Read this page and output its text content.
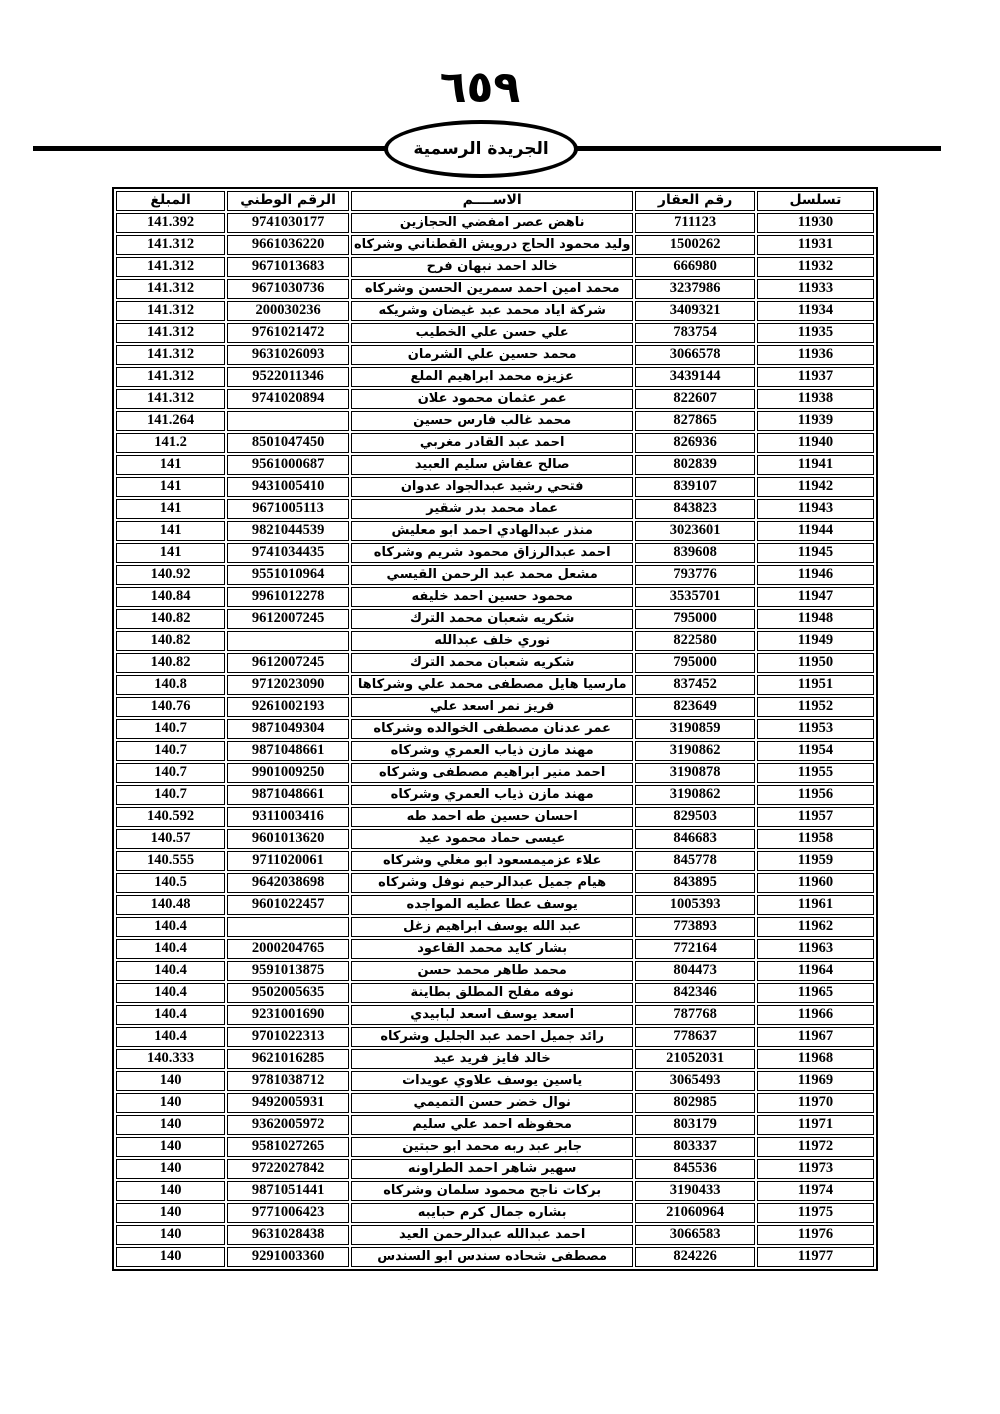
٦٥٩
الجريدة الرسمية
تسلسل	رقم العقار	الاســــم	الرقم الوطني	المبلغ
11930	711123	ناهض عصر امفضي الحجازين	9741030177	141.392
11931	1500262	وليد محمود الحاج درويش القطناني وشركاه	9661036220	141.312
11932	666980	خالد احمد نبهان فرح	9671013683	141.312
11933	3237986	محمد امين احمد سمرين الحسن وشركاه	9671030736	141.312
11934	3409321	شركة اياد محمد عبد غيضان وشريكه	200030236	141.312
11935	783754	علي حسن علي الخطيب	9761021472	141.312
11936	3066578	محمد حسين علي الشرمان	9631026093	141.312
11937	3439144	عزيزه محمد ابراهيم الملع	9522011346	141.312
11938	822607	عمر عثمان محمود علان	9741020894	141.312
11939	827865	محمد غالب فارس حسين		141.264
11940	826936	احمد عبد القادر مغربي	8501047450	141.2
11941	802839	صالح عفاش سليم العبيد	9561000687	141
11942	839107	فتحي رشيد عبدالجواد عدوان	9431005410	141
11943	843823	عماد محمد بدر شقير	9671005113	141
11944	3023601	منذر عبدالهادي احمد ابو معليش	9821044539	141
11945	839608	احمد عبدالرزاق محمود شريم وشركاه	9741034435	141
11946	793776	مشعل محمد عبد الرحمن القيسي	9551010964	140.92
11947	3535701	محمود حسين احمد خليفه	9961012278	140.84
11948	795000	شكريه شعبان محمد الترك	9612007245	140.82
11949	822580	نوري خلف عبدالله		140.82
11950	795000	شكريه شعبان محمد الترك	9612007245	140.82
11951	837452	مارسيا هايل مصطفى محمد علي وشركاها	9712023090	140.8
11952	823649	فريز نمر اسعد علي	9261002193	140.76
11953	3190859	عمر عدنان مصطفى الخوالده وشركاه	9871049304	140.7
11954	3190862	مهند مازن ذياب العمري وشركاه	9871048661	140.7
11955	3190878	احمد منير ابراهيم مصطفى وشركاه	9901009250	140.7
11956	3190862	مهند مازن ذياب العمري وشركاه	9871048661	140.7
11957	829503	احسان حسين طه احمد طه	9311003416	140.592
11958	846683	عيسى حماد محمود عيد	9601013620	140.57
11959	845778	علاء عزميمسعود ابو مغلي وشركاه	9711020061	140.555
11960	843895	هيام جميل عبدالرحيم نوفل وشركاه	9642038698	140.5
11961	1005393	يوسف عطا عطيه المواجده	9601022457	140.48
11962	773893	عبد الله يوسف ابراهيم زغل		140.4
11963	772164	بشار كايد محمد القاعود	2000204765	140.4
11964	804473	محمد طاهر محمد حسن	9591013875	140.4
11965	842346	نوفه مفلح المطلق بطاينة	9502005635	140.4
11966	787768	اسعد يوسف اسعد لبابيدي	9231001690	140.4
11967	778637	رائد جميل احمد عبد الجليل وشركاه	9701022313	140.4
11968	21052031	خالد فايز فريد عيد	9621016285	140.333
11969	3065493	ياسين يوسف علاوي عويدات	9781038712	140
11970	802985	نوال خضر حسن التميمي	9492005931	140
11971	803179	محفوظه احمد علي سليم	9362005972	140
11972	803337	جابر عبد ربه محمد ابو حبتين	9581027265	140
11973	845536	سهير شاهر احمد الطراونه	9722027842	140
11974	3190433	بركات ناجح محمود سلمان وشركاه	9871051441	140
11975	21060964	بشاره جمال كرم حبايبه	9771006423	140
11976	3066583	احمد عبدالله عبدالرحمن العيد	9631028438	140
11977	824226	مصطفى شحاده سندس ابو السندس	9291003360	140
